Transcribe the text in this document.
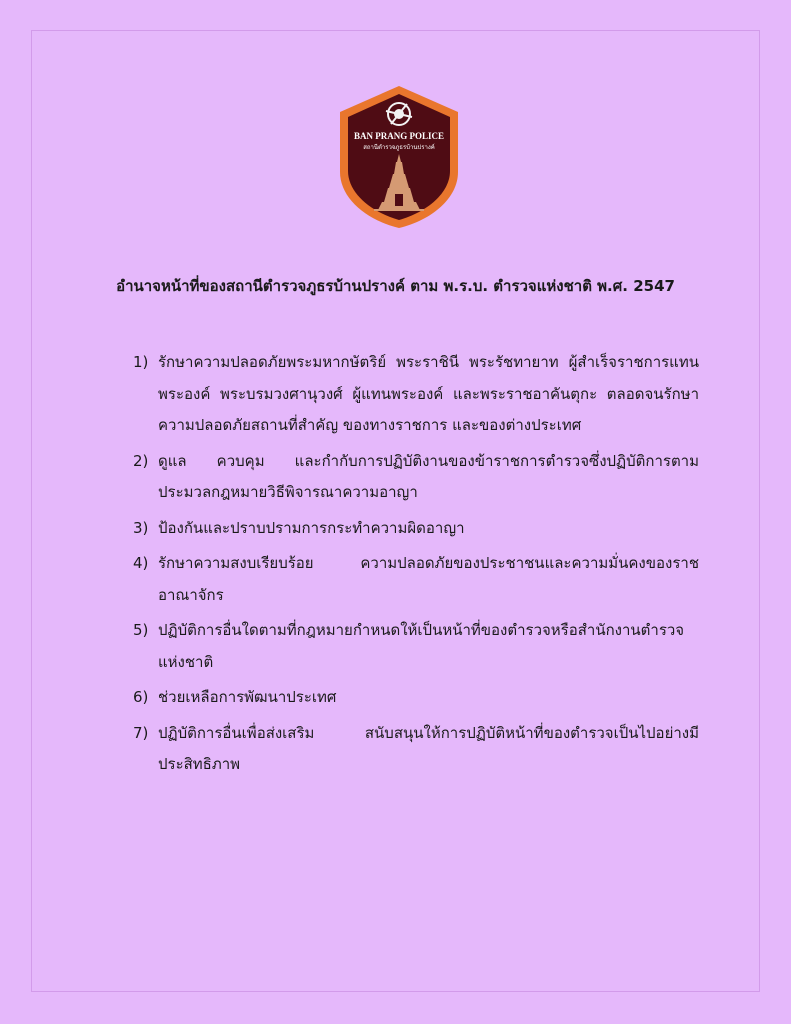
BAN PRANG POLICE
สถานีตำรวจภูธรบ้านปรางค์
อำนาจหน้าที่ของสถานีตำรวจภูธรบ้านปรางค์ ตาม พ.ร.บ. ตำรวจแห่งชาติ พ.ศ. 2547
1) รักษาความปลอดภัยพระมหากษัตริย์ พระราชินี พระรัชทายาท ผู้สำเร็จราชการแทนพระองค์ พระบรมวงศานุวงศ์ ผู้แทนพระองค์ และพระราชอาคันตุกะ ตลอดจนรักษาความปลอดภัยสถานที่สำคัญ ของทางราชการ และของต่างประเทศ
2) ดูแล ควบคุม และกำกับการปฏิบัติงานของข้าราชการตำรวจซึ่งปฏิบัติการตามประมวลกฎหมายวิธีพิจารณาความอาญา
3) ป้องกันและปราบปรามการกระทำความผิดอาญา
4) รักษาความสงบเรียบร้อย ความปลอดภัยของประชาชนและความมั่นคงของราชอาณาจักร
5) ปฏิบัติการอื่นใดตามที่กฎหมายกำหนดให้เป็นหน้าที่ของตำรวจหรือสำนักงานตำรวจแห่งชาติ
6) ช่วยเหลือการพัฒนาประเทศ
7) ปฏิบัติการอื่นเพื่อส่งเสริม สนับสนุนให้การปฏิบัติหน้าที่ของตำรวจเป็นไปอย่างมีประสิทธิภาพ
